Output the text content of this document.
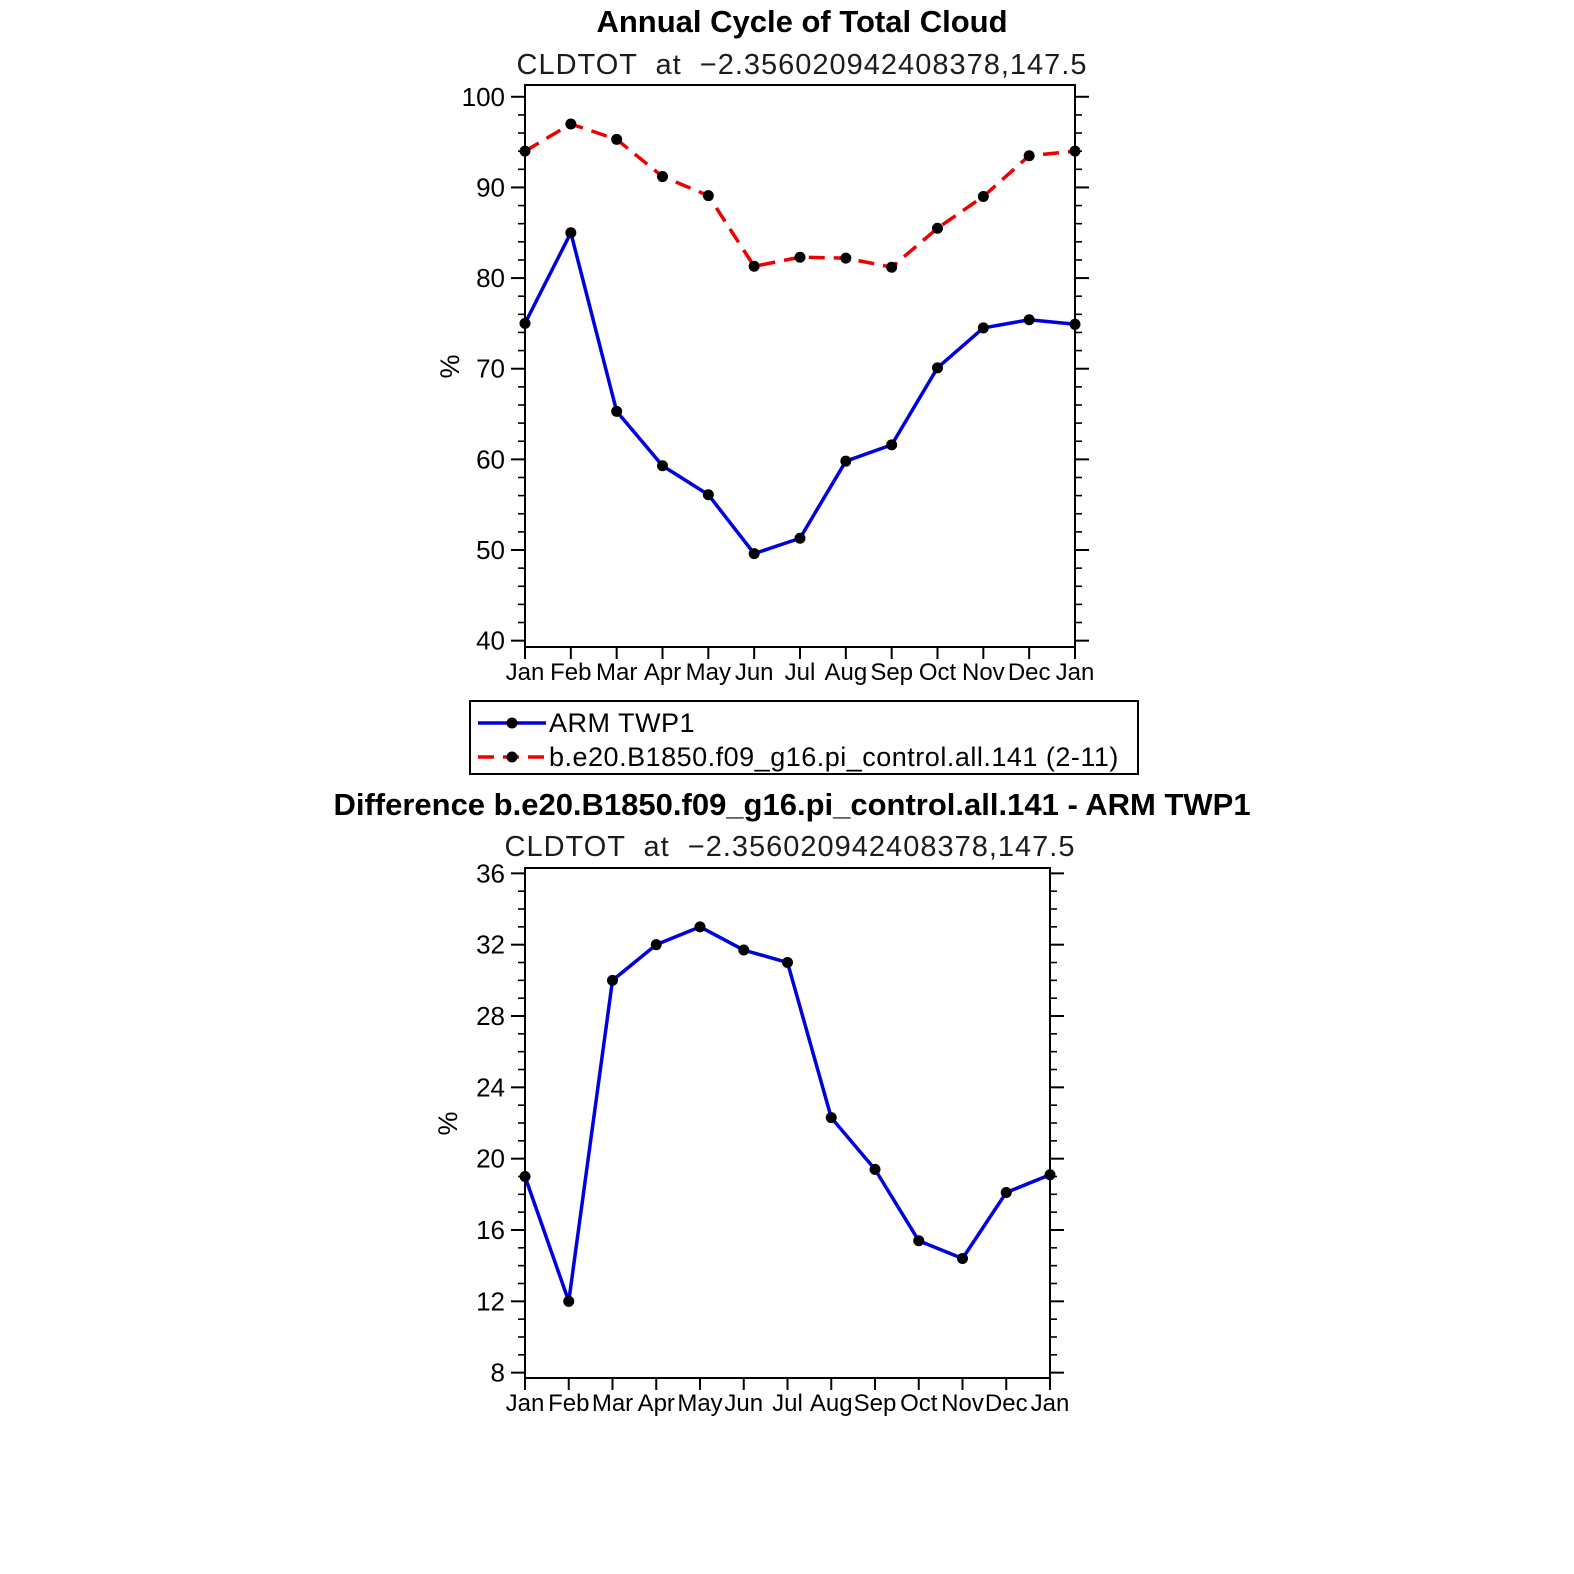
Annual Cycle of Total Cloud
CLDTOT at −2.356020942408378,147.5
%
40
50
60
70
80
90
100
Jan Feb Mar Apr May Jun Jul Aug Sep Oct Nov Dec Jan
ARM TWP1
b.e20.B1850.f09_g16.pi_control.all.141 (2-11)
Difference b.e20.B1850.f09_g16.pi_control.all.141 - ARM TWP1
CLDTOT at −2.356020942408378,147.5
%
8
12
16
20
24
28
32
36
Jan Feb Mar Apr May Jun Jul Aug Sep Oct Nov Dec Jan
